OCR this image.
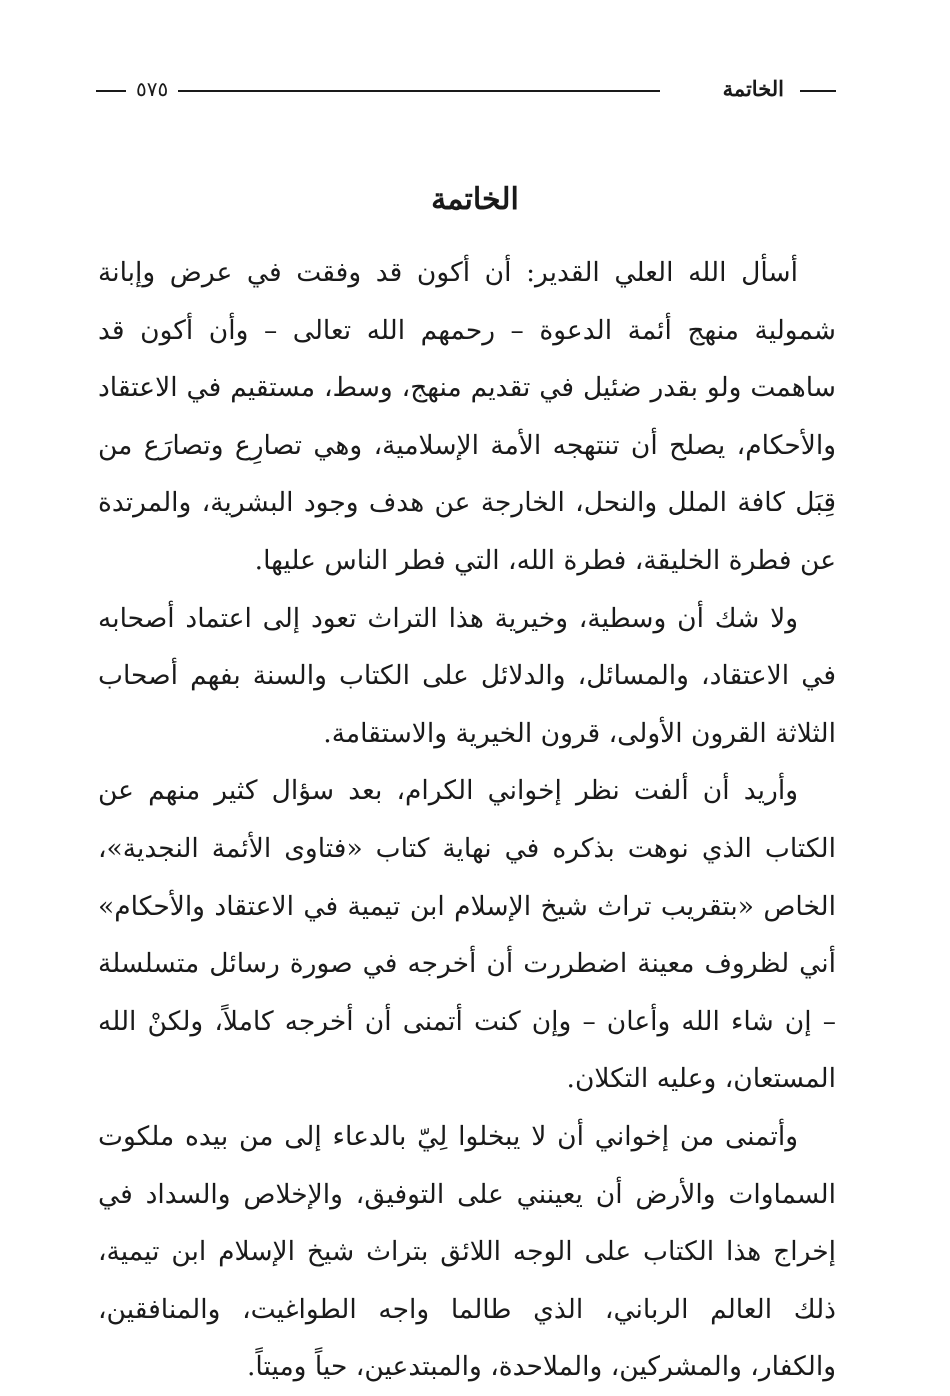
الخاتمة
٥٧٥
الخاتمة

أسأل الله العلي القدير: أن أكون قد وفقت في عرض وإبانة شمولية منهج أئمة الدعوة – رحمهم الله تعالى – وأن أكون قد ساهمت ولو بقدر ضئيل في تقديم منهج، وسط، مستقيم في الاعتقاد والأحكام، يصلح أن تنتهجه الأمة الإسلامية، وهي تصارِع وتصارَع من قِبَل كافة الملل والنحل، الخارجة عن هدف وجود البشرية، والمرتدة عن فطرة الخليقة، فطرة الله، التي فطر الناس عليها.

ولا شك أن وسطية، وخيرية هذا التراث تعود إلى اعتماد أصحابه في الاعتقاد، والمسائل، والدلائل على الكتاب والسنة بفهم أصحاب الثلاثة القرون الأولى، قرون الخيرية والاستقامة.

وأريد أن ألفت نظر إخواني الكرام، بعد سؤال كثير منهم عن الكتاب الذي نوهت بذكره في نهاية كتاب «فتاوى الأئمة النجدية»، الخاص «بتقريب تراث شيخ الإسلام ابن تيمية في الاعتقاد والأحكام» أني لظروف معينة اضطررت أن أخرجه في صورة رسائل متسلسلة – إن شاء الله وأعان – وإن كنت أتمنى أن أخرجه كاملاً، ولكنْ الله المستعان، وعليه التكلان.

وأتمنى من إخواني أن لا يبخلوا لِيّ بالدعاء إلى من بيده ملكوت السماوات والأرض أن يعينني على التوفيق، والإخلاص والسداد في إخراج هذا الكتاب على الوجه اللائق بتراث شيخ الإسلام ابن تيمية، ذلك العالم الرباني، الذي طالما واجه الطواغيت، والمنافقين، والكفار، والمشركين، والملاحدة، والمبتدعين، حياً وميتاً.
